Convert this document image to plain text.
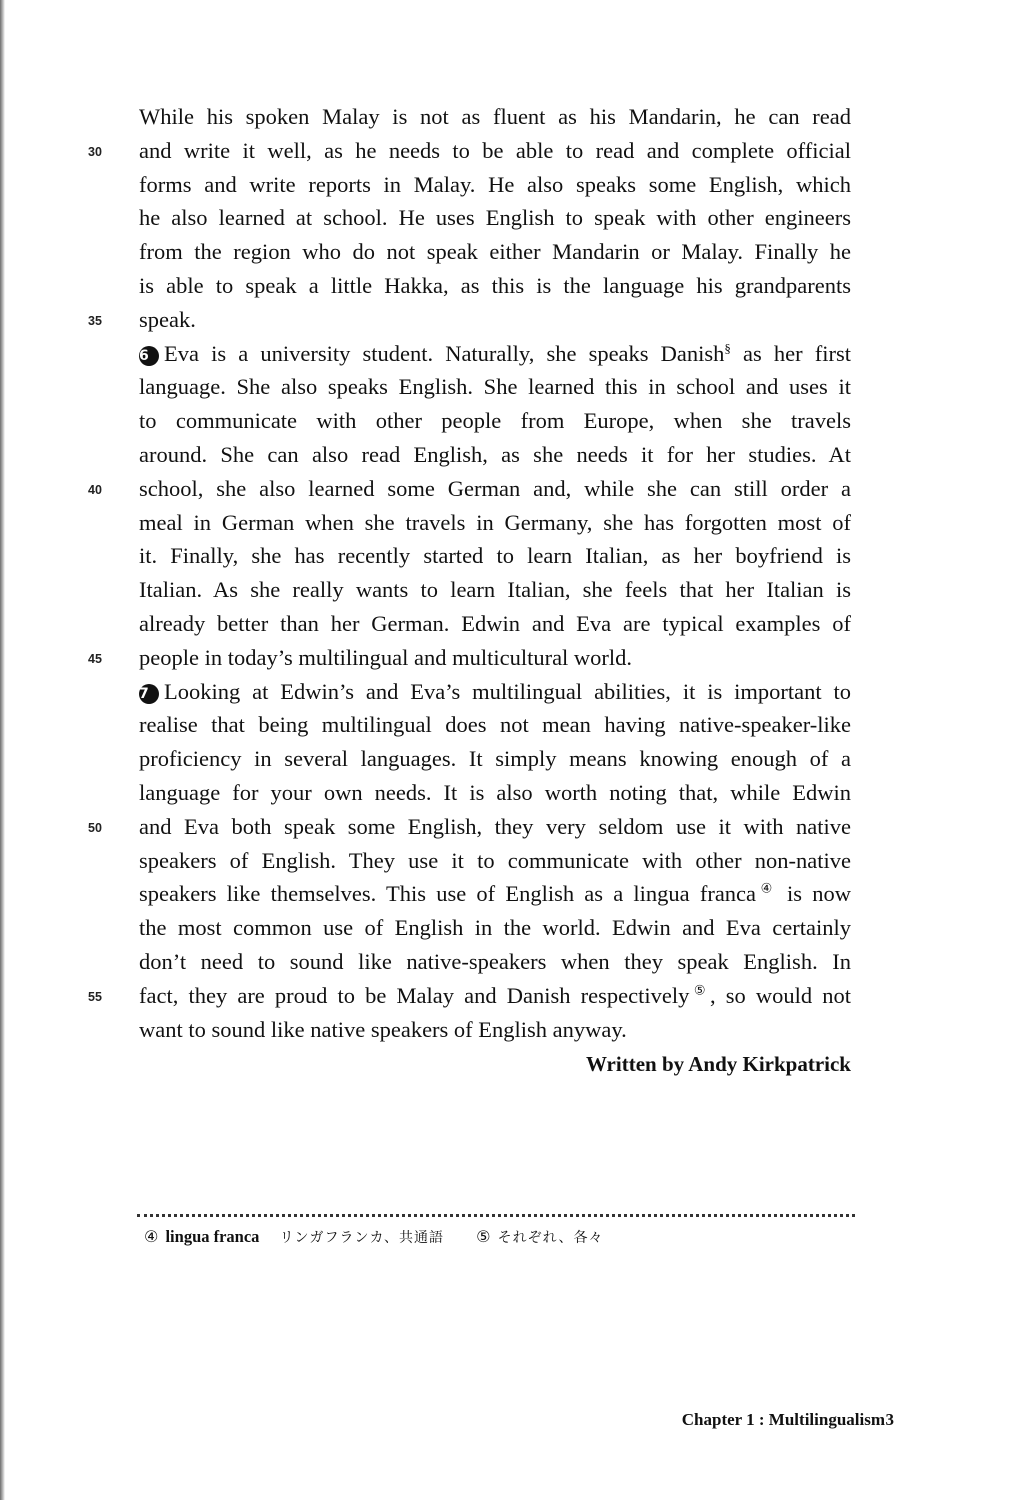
While his spoken Malay is not as fluent as his Mandarin, he can read
and write it well, as he needs to be able to read and complete official
30
forms and write reports in Malay. He also speaks some English, which
he also learned at school. He uses English to speak with other engineers
from the region who do not speak either Mandarin or Malay. Finally he
is able to speak a little Hakka, as this is the language his grandparents
speak.
35
6 Eva is a university student. Naturally, she speaks Danish§ as her first
language. She also speaks English. She learned this in school and uses it
to communicate with other people from Europe, when she travels
around. She can also read English, as she needs it for her studies. At
school, she also learned some German and, while she can still order a
40
meal in German when she travels in Germany, she has forgotten most of
it. Finally, she has recently started to learn Italian, as her boyfriend is
Italian. As she really wants to learn Italian, she feels that her Italian is
already better than her German. Edwin and Eva are typical examples of
people in today’s multilingual and multicultural world.
45
7 Looking at Edwin’s and Eva’s multilingual abilities, it is important to
realise that being multilingual does not mean having native-speaker-like
proficiency in several languages. It simply means knowing enough of a
language for your own needs. It is also worth noting that, while Edwin
and Eva both speak some English, they very seldom use it with native
50
speakers of English. They use it to communicate with other non-native
speakers like themselves. This use of English as a lingua franca④ is now
the most common use of English in the world. Edwin and Eva certainly
don’t need to sound like native-speakers when they speak English. In
fact, they are proud to be Malay and Danish respectively⑤, so would not
55
want to sound like native speakers of English anyway.
Written by Andy Kirkpatrick
④ lingua franca リンガフランカ、共通語 ⑤ それぞれ、各々
Chapter 1 : Multilingualism 3
